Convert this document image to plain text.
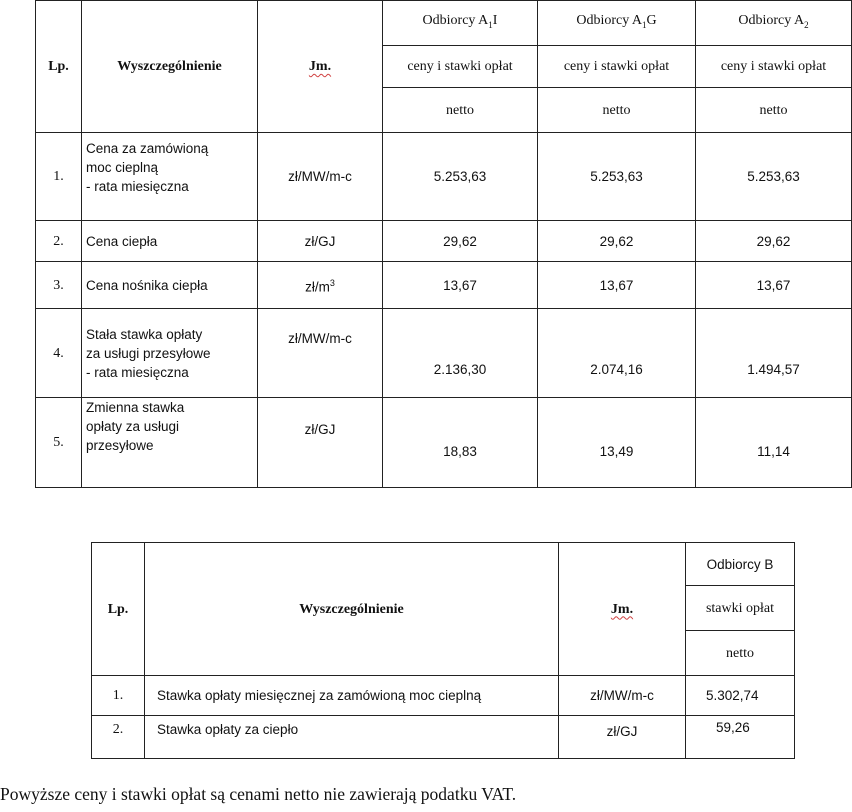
Lp.	Wyszczególnienie	Jm.	Odbiorcy $A_1I$	Odbiorcy $A_1G$	Odbiorcy $A_2$
			ceny i stawki opłat	ceny i stawki opłat	ceny i stawki opłat
			netto	netto	netto
1.	Cena za zamówioną
moc cieplną
- rata miesięczna	zł/MW/m-c	5.253,63	5.253,63	5.253,63
2.	Cena ciepła	zł/GJ	29,62	29,62	29,62
3.	Cena nośnika ciepła	$zł/m^3$	13,67	13,67	13,67
4.	Stała stawka opłaty
za usługi przesyłowe
- rata miesięczna	zł/MW/m-c	2.136,30	2.074,16	1.494,57
5.	Zmienna stawka
opłaty za usługi
przesyłowe	zł/GJ	18,83	13,49	11,14
Lp.	Wyszczególnienie	Jm.	Odbiorcy B
			stawki opłat
			netto
1.	Stawka opłaty miesięcznej za zamówioną moc cieplną	zł/MW/m-c	5.302,74
2.	Stawka opłaty za ciepło	zł/GJ	59,26
Powyższe ceny i stawki opłat są cenami netto nie zawierają podatku VAT.
